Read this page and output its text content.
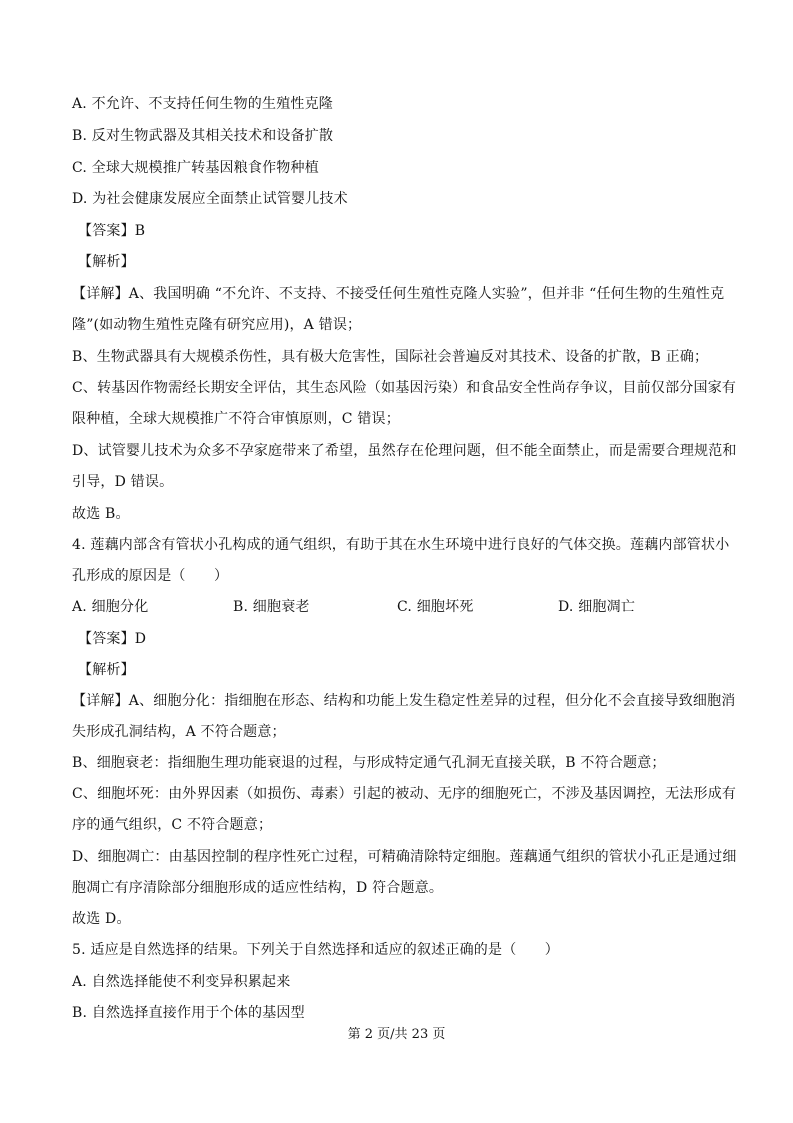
A. 不允许、不支持任何生物的生殖性克隆
B. 反对生物武器及其相关技术和设备扩散
C. 全球大规模推广转基因粮食作物种植
D. 为社会健康发展应全面禁止试管婴儿技术
【答案】B
【解析】
【详解】A、我国明确 “不允许、不支持、不接受任何生殖性克隆人实验”，但并非 “任何生物的生殖性克
隆”(如动物生殖性克隆有研究应用)，A 错误；
B、生物武器具有大规模杀伤性，具有极大危害性，国际社会普遍反对其技术、设备的扩散，B 正确；
C、转基因作物需经长期安全评估，其生态风险（如基因污染）和食品安全性尚存争议，目前仅部分国家有
限种植，全球大规模推广不符合审慎原则，C 错误；
D、试管婴儿技术为众多不孕家庭带来了希望，虽然存在伦理问题，但不能全面禁止，而是需要合理规范和
引导，D 错误。
故选 B。
4. 莲藕内部含有管状小孔构成的通气组织，有助于其在水生环境中进行良好的气体交换。莲藕内部管状小
孔形成的原因是（　　）
A. 细胞分化	B. 细胞衰老	C. 细胞坏死	D. 细胞凋亡
【答案】D
【解析】
【详解】A、细胞分化：指细胞在形态、结构和功能上发生稳定性差异的过程，但分化不会直接导致细胞消
失形成孔洞结构，A 不符合题意；
B、细胞衰老：指细胞生理功能衰退的过程，与形成特定通气孔洞无直接关联，B 不符合题意；
C、细胞坏死：由外界因素（如损伤、毒素）引起的被动、无序的细胞死亡，不涉及基因调控，无法形成有
序的通气组织，C 不符合题意；
D、细胞凋亡：由基因控制的程序性死亡过程，可精确清除特定细胞。莲藕通气组织的管状小孔正是通过细
胞凋亡有序清除部分细胞形成的适应性结构，D 符合题意。
故选 D。
5. 适应是自然选择的结果。下列关于自然选择和适应的叙述正确的是（　　）
A. 自然选择能使不利变异积累起来
B. 自然选择直接作用于个体的基因型
第 2 页/共 23 页
